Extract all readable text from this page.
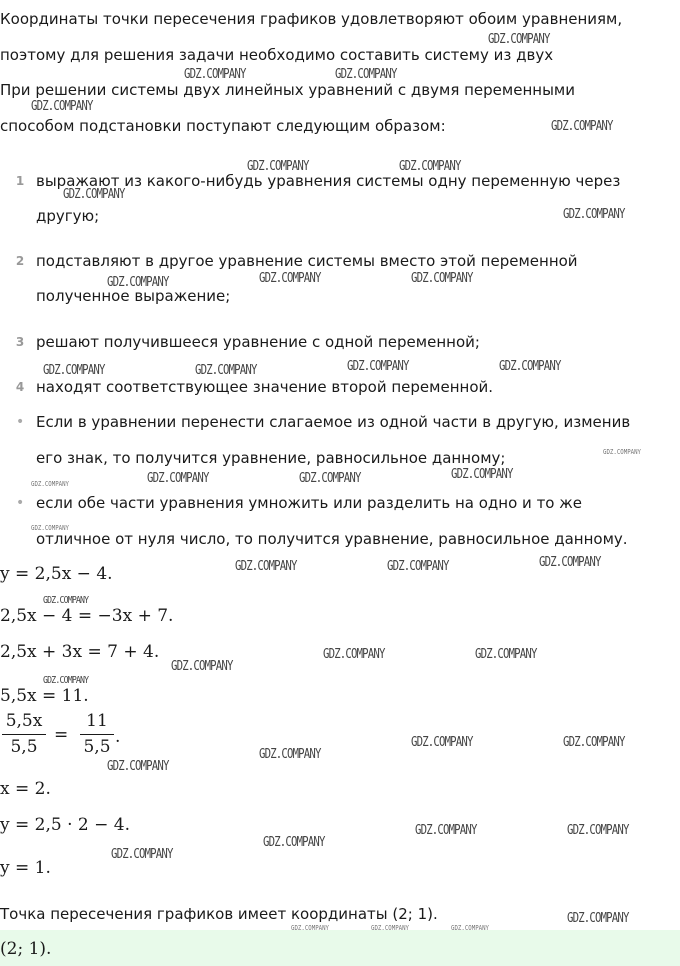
Координаты точки пересечения графиков удовлетворяют обоим уравнениям,
поэтому для решения задачи необходимо составить систему из двух
При решении системы двух линейных уравнений с двумя переменными
способом подстановки поступают следующим образом:
1 выражают из какого-нибудь уравнения системы одну переменную через
другую;
2 подставляют в другое уравнение системы вместо этой переменной
полученное выражение;
3 решают получившееся уравнение с одной переменной;
4 находят соответствующее значение второй переменной.
• Если в уравнении перенести слагаемое из одной части в другую, изменив
его знак, то получится уравнение, равносильное данному;
• если обе части уравнения умножить или разделить на одно и то же
отличное от нуля число, то получится уравнение, равносильное данному.
y = 2,5x − 4.
2,5x − 4 = −3x + 7.
2,5x + 3x = 7 + 4.
5,5x = 11.
5,5x
5,5
=
11
5,5 .
x = 2.
y = 2,5 · 2 − 4.
y = 1.
Точка пересечения графиков имеет координаты (2; 1).
(2; 1).
GDZ.COMPANY
GDZ.COMPANY	GDZ.COMPANY
GDZ.COMPANY
GDZ.COMPANY
GDZ.COMPANY	GDZ.COMPANY
GDZ.COMPANY
GDZ.COMPANY
GDZ.COMPANY	GDZ.COMPANY
GDZ.COMPANY
GDZ.COMPANY	GDZ.COMPANY
GDZ.COMPANY	GDZ.COMPANY
GDZ.COMPANY
GDZ.COMPANY
GDZ.COMPANY	GDZ.COMPANY
GDZ.COMPANY
GDZ.COMPANY
GDZ.COMPANY
GDZ.COMPANY	GDZ.COMPANY
GDZ.COMPANY
GDZ.COMPANY	GDZ.COMPANY
GDZ.COMPANY
GDZ.COMPANY
GDZ.COMPANY	GDZ.COMPANY
GDZ.COMPANY
GDZ.COMPANY
GDZ.COMPANY	GDZ.COMPANY
GDZ.COMPANY
GDZ.COMPANY
GDZ.COMPANY
GDZ.COMPANY	GDZ.COMPANY	GDZ.COMPANY
